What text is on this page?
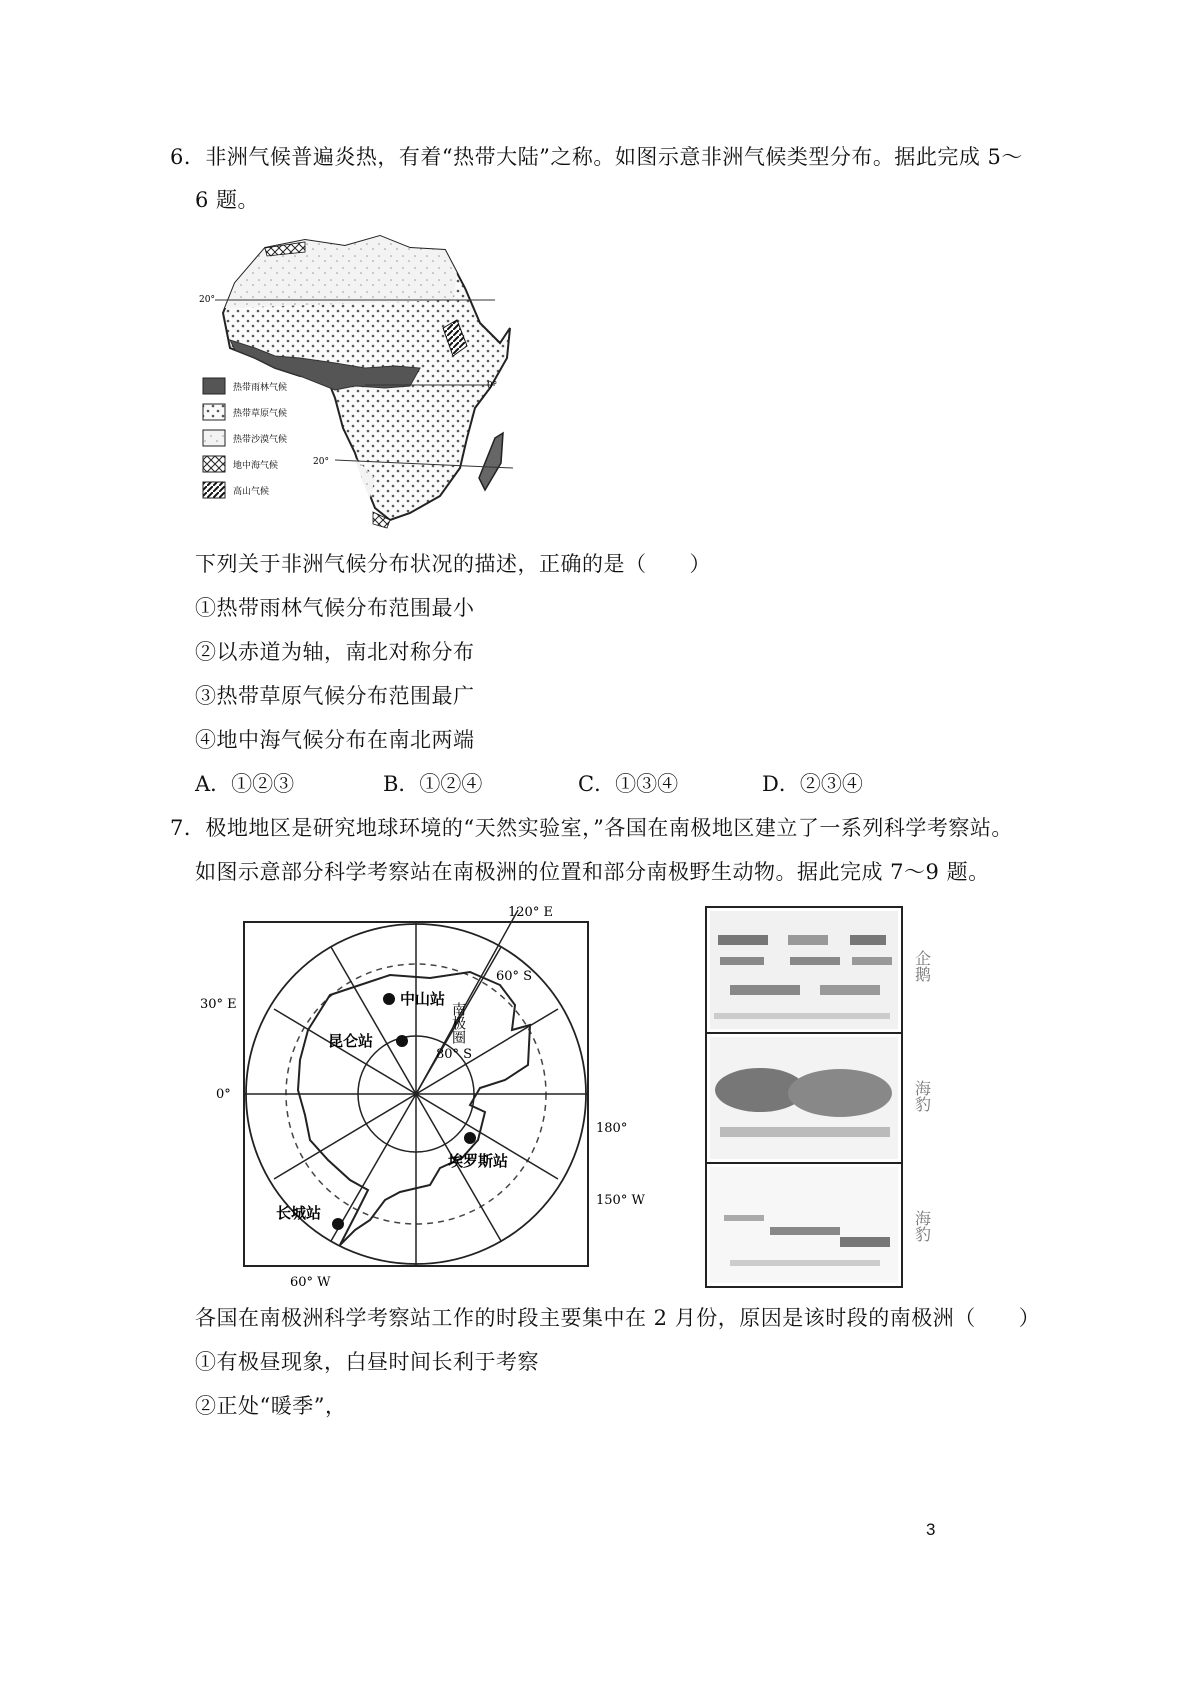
6．非洲气候普遍炎热，有着“热带大陆”之称。如图示意非洲气候类型分布。据此完成 5～
6 题。
20°
0°
20°
热带雨林气候
热带草原气候
热带沙漠气候
地中海气候
高山气候
下列关于非洲气候分布状况的描述，正确的是（　　）
①热带雨林气候分布范围最小
②以赤道为轴，南北对称分布
③热带草原气候分布范围最广
④地中海气候分布在南北两端
A．①②③	B．①②④	C．①③④	D．②③④
7．极地地区是研究地球环境的“天然实验室，”各国在南极地区建立了一系列科学考察站。
如图示意部分科学考察站在南极洲的位置和部分南极野生动物。据此完成 7～9 题。
中山站
昆仑站
埃罗斯站
长城站
120° E
60° S
南极圈
30° E
80° S
0°
180°
150° W
60° W
企鹅
海豹
海豹
各国在南极洲科学考察站工作的时段主要集中在 2 月份，原因是该时段的南极洲（　　）
①有极昼现象，白昼时间长利于考察
②正处“暖季”，
3
